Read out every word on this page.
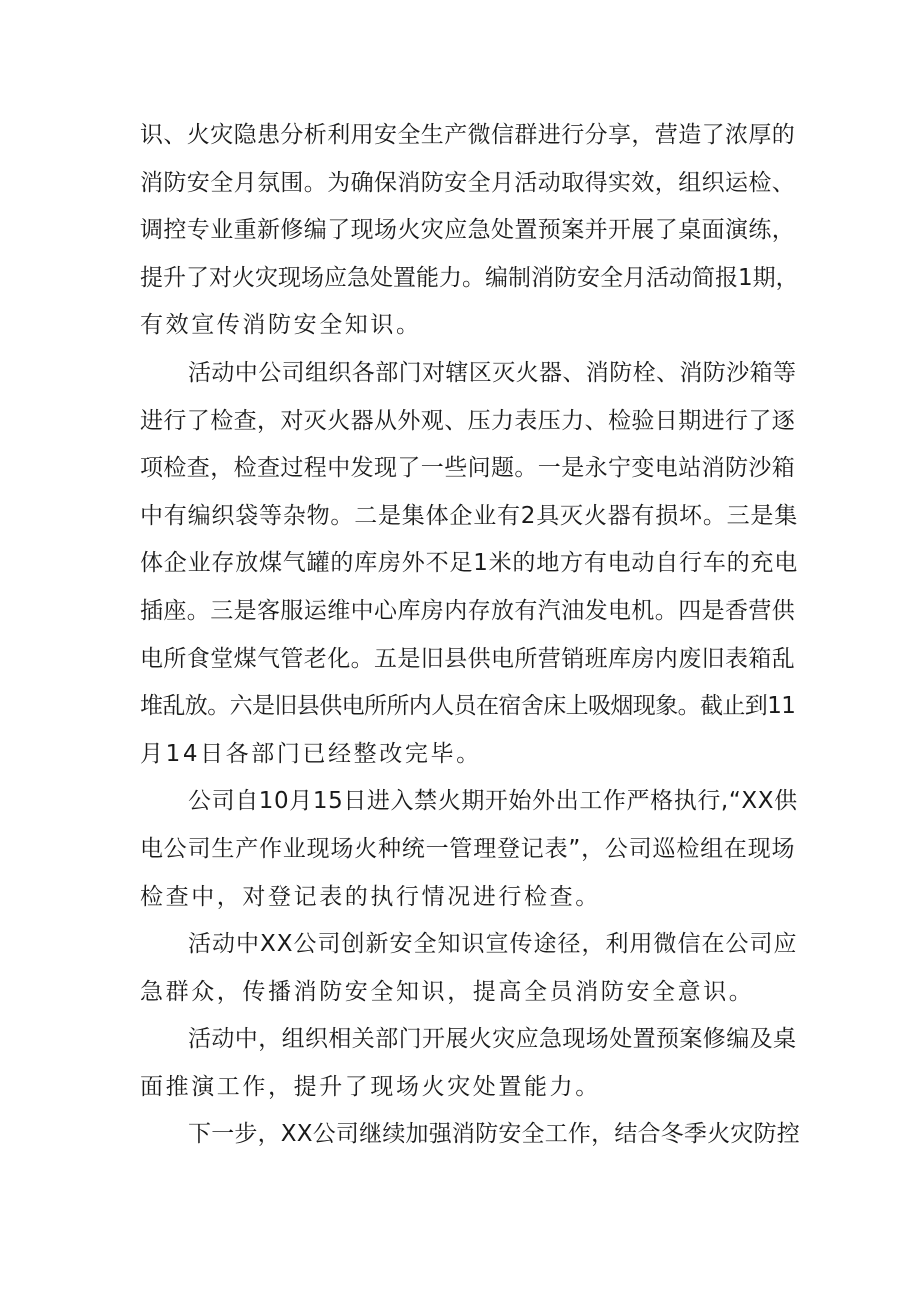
识、火灾隐患分析利用安全生产微信群进行分享，营造了浓厚的
消防安全月氛围。为确保消防安全月活动取得实效，组织运检、
调控专业重新修编了现场火灾应急处置预案并开展了桌面演练，
提升了对火灾现场应急处置能力。编制消防安全月活动简报1期，
有效宣传消防安全知识。
活动中公司组织各部门对辖区灭火器、消防栓、消防沙箱等
进行了检查，对灭火器从外观、压力表压力、检验日期进行了逐
项检查，检查过程中发现了一些问题。一是永宁变电站消防沙箱
中有编织袋等杂物。二是集体企业有2具灭火器有损坏。三是集
体企业存放煤气罐的库房外不足1米的地方有电动自行车的充电
插座。三是客服运维中心库房内存放有汽油发电机。四是香营供
电所食堂煤气管老化。五是旧县供电所营销班库房内废旧表箱乱
堆乱放。六是旧县供电所所内人员在宿舍床上吸烟现象。截止到11
月14日各部门已经整改完毕。
公司自10月15日进入禁火期开始外出工作严格执行,“XX供
电公司生产作业现场火种统一管理登记表”，公司巡检组在现场
检查中，对登记表的执行情况进行检查。
活动中XX公司创新安全知识宣传途径，利用微信在公司应
急群众，传播消防安全知识，提高全员消防安全意识。
活动中，组织相关部门开展火灾应急现场处置预案修编及桌
面推演工作，提升了现场火灾处置能力。
下一步，XX公司继续加强消防安全工作，结合冬季火灾防控
